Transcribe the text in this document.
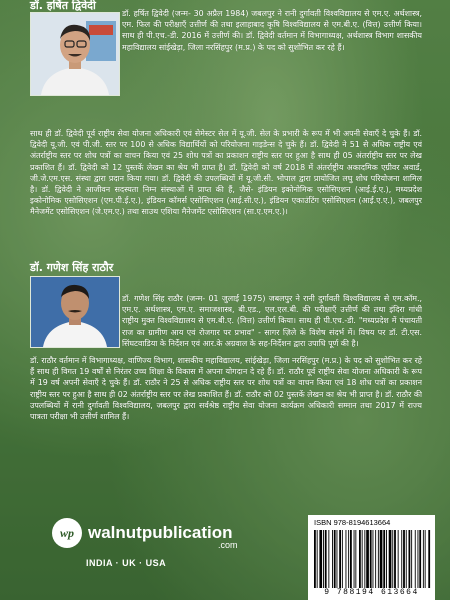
डॉ. हर्षित द्विवेदी
डॉ. हर्षित द्विवेदी (जन्म- 30 अप्रैल 1984) जबलपुर ने रानी दुर्गावती विश्वविद्यालय से एम.ए. अर्थशास्त्र, एम. फिल की परीक्षाएँ उत्तीर्ण की तथा इलाहाबाद कृषि विश्वविद्यालय से एम.बी.ए. (वित्त) उत्तीर्ण किया। साथ ही पी.एच.-डी. 2016 में उत्तीर्ण की। डॉ. द्विवेदी वर्तमान में विभागाध्यक्ष, अर्थशास्त्र विभाग शासकीय महाविद्यालय सांईखेड़ा, जिला नरसिंहपुर (म.प्र.) के पद को सुशोभित कर रहे हैं।
साथ ही डॉ. द्विवेदी पूर्व राष्ट्रीय सेवा योजना अधिकारी एवं सेमेस्टर सेल में यू.जी. सेल के प्रभारी के रूप में भी अपनी सेवाएँ दे चुके हैं। डॉ. द्विवेदी यू.जी. एवं पी.जी. स्तर पर 100 से अधिक विद्यार्थियों को परियोजना गाइडेन्स दे चुके हैं। डॉ. द्विवेदी ने 51 से अधिक राष्ट्रीय एवं अंतर्राष्ट्रीय स्तर पर शोध पत्रों का वाचन किया एवं 25 शोध पत्रों का प्रकाशन राष्ट्रीय स्तर पर हुआ है साथ ही 05 अंतर्राष्ट्रीय स्तर पर लेख प्रकाशित हैं। डॉ. द्विवेदी को 12 पुस्तकें लेखन का श्रेय भी प्राप्त है। डॉ. द्विवेदी को वर्ष 2018 में अंतर्राष्ट्रीय अकादमिक एग्रीवर अवार्ड, जी.जे.एम.एस. संस्था द्वारा प्रदान किया गया। डॉ. द्विवेदी की उपलब्धियों में यू.जी.सी. भोपाल द्वारा प्रायोजित लघु शोध परियोजना शामिल है। डॉ. द्विवेदी ने आजीवन सदस्यता निम्न संस्थाओं में प्राप्त की हैं, जैसे- इंडियन इकोनोमिक एसोसिएशन (आई.ई.ए.), मध्यप्रदेश इकोनोमिक एसोसिएशन (एम.पी.ई.ए.), इंडियन कॉमर्स एसोसिएशन (आई.सी.ए.), इंडियन एकाउंटिंग एसोसिएशन (आई.ए.ए.), जबलपुर मैनेजमेंट एसोसिएशन (जे.एम.ए.) तथा साउथ एशिया मैनेजमेंट एसोसिएशन (सा.ए.एम.ए.)।
डॉ. गणेश सिंह राठौर
डॉ. गणेश सिंह राठौर (जन्म- 01 जुलाई 1975) जबलपुर ने रानी दुर्गावती विश्वविद्यालय से एम.कॉम., एम.ए. अर्थशास्त्र, एम.ए. समाजशास्त्र, बी.एड., एल.एल.बी. की परीक्षाएँ उत्तीर्ण की तथा इंदिरा गांधी राष्ट्रीय मुक्त विश्वविद्यालय से एम.बी.ए. (वित्त) उत्तीर्ण किया। साथ ही पी.एच.-डी. "मध्यप्रदेश में पंचायती राज का ग्रामीण आय एवं रोजगार पर प्रभाव" - सागर ज़िले के विशेष संदर्भ में। विषय पर डॉ. टी.एस. सिंघटवाडिया के निर्देशन एवं आर.के अग्रवाल के सह-निर्देशन द्वारा उपाधि पूर्ण की है।
डॉ. राठौर वर्तमान में विभागाध्यक्ष, वाणिज्य विभाग, शासकीय महाविद्यालय, सांईखेड़ा, जिला नरसिंहपुर (म.प्र.) के पद को सुशोभित कर रहे हैं साथ ही विगत 19 वर्षों से निरंतर उच्च शिक्षा के विकास में अपना योगदान दे रहे हैं। डॉ. राठौर पूर्व राष्ट्रीय सेवा योजना अधिकारी के रूप में 19 वर्ष अपनी सेवाएँ दे चुके हैं। डॉ. राठौर ने 25 से अधिक राष्ट्रीय स्तर पर शोध पत्रों का वाचन किया एवं 18 शोध पत्रों का प्रकाशन राष्ट्रीय स्तर पर हुआ है साथ ही 02 अंतर्राष्ट्रीय स्तर पर लेख प्रकाशित हैं। डॉ. राठौर को 02 पुस्तकें लेखन का श्रेय भी प्राप्त है। डॉ. राठौर की उपलब्धियों में रानी दुर्गावती विश्वविद्यालय, जबलपुर द्वारा सर्वश्रेष्ठ राष्ट्रीय सेवा योजना कार्यक्रम अधिकारी सम्मान तथा 2017 में राज्य पात्रता परीक्षा भी उत्तीर्ण शामिल हैं।
wp walnutpublication
.com
INDIA · UK · USA
ISBN 978-8194613664
9 788194 613664
